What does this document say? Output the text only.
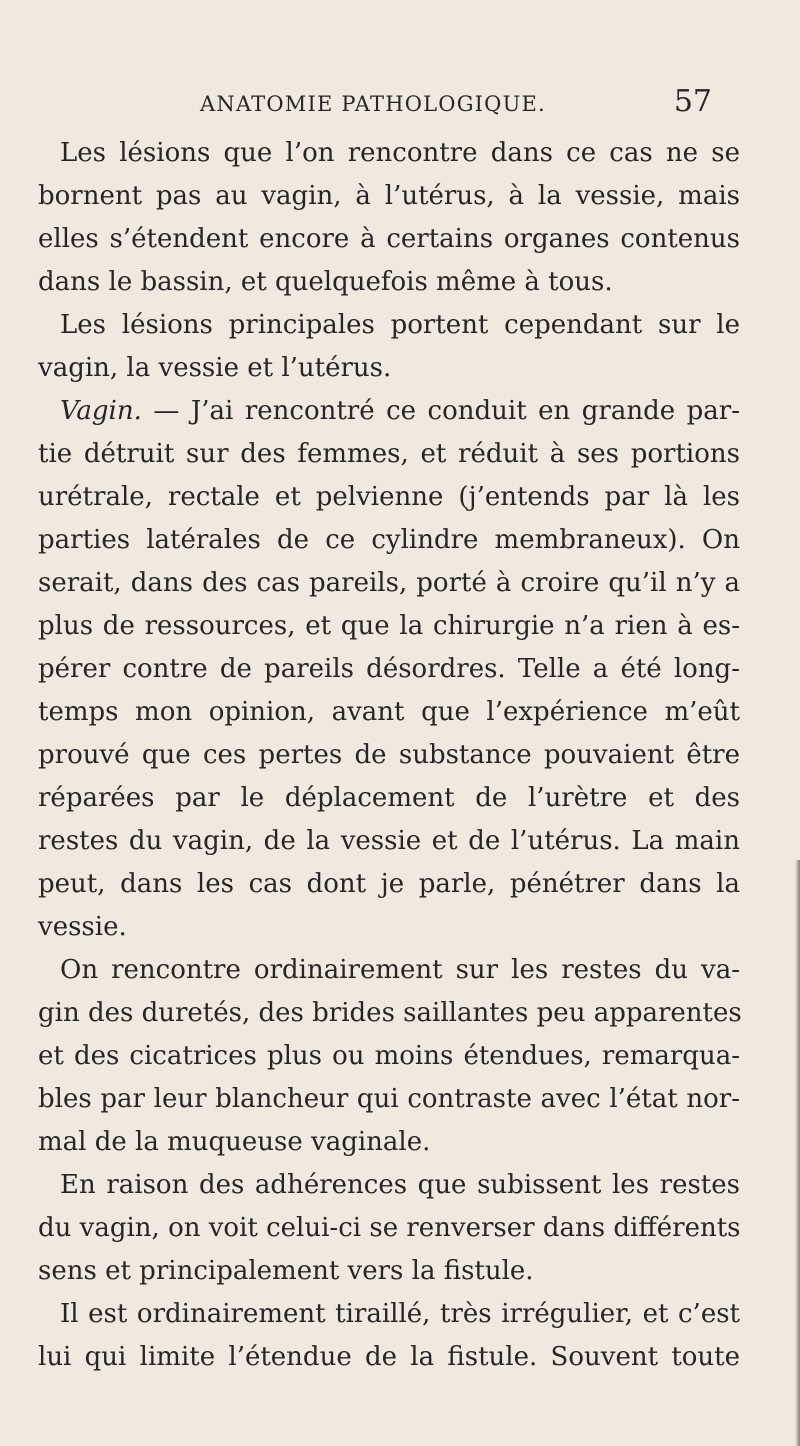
ANATOMIE PATHOLOGIQUE.	57
Les lésions que l’on rencontre dans ce cas ne se
bornent pas au vagin, à l’utérus, à la vessie, mais
elles s’étendent encore à certains organes contenus
dans le bassin, et quelquefois même à tous.
Les lésions principales portent cependant sur le
vagin, la vessie et l’utérus.
Vagin. — J’ai rencontré ce conduit en grande par-
tie détruit sur des femmes, et réduit à ses portions
urétrale, rectale et pelvienne (j’entends par là les
parties latérales de ce cylindre membraneux). On
serait, dans des cas pareils, porté à croire qu’il n’y a
plus de ressources, et que la chirurgie n’a rien à es-
pérer contre de pareils désordres. Telle a été long-
temps mon opinion, avant que l’expérience m’eût
prouvé que ces pertes de substance pouvaient être
réparées par le déplacement de l’urètre et des
restes du vagin, de la vessie et de l’utérus. La main
peut, dans les cas dont je parle, pénétrer dans la
vessie.
On rencontre ordinairement sur les restes du va-
gin des duretés, des brides saillantes peu apparentes
et des cicatrices plus ou moins étendues, remarqua-
bles par leur blancheur qui contraste avec l’état nor-
mal de la muqueuse vaginale.
En raison des adhérences que subissent les restes
du vagin, on voit celui-ci se renverser dans différents
sens et principalement vers la fistule.
Il est ordinairement tiraillé, très irrégulier, et c’est
lui qui limite l’étendue de la fistule. Souvent toute
